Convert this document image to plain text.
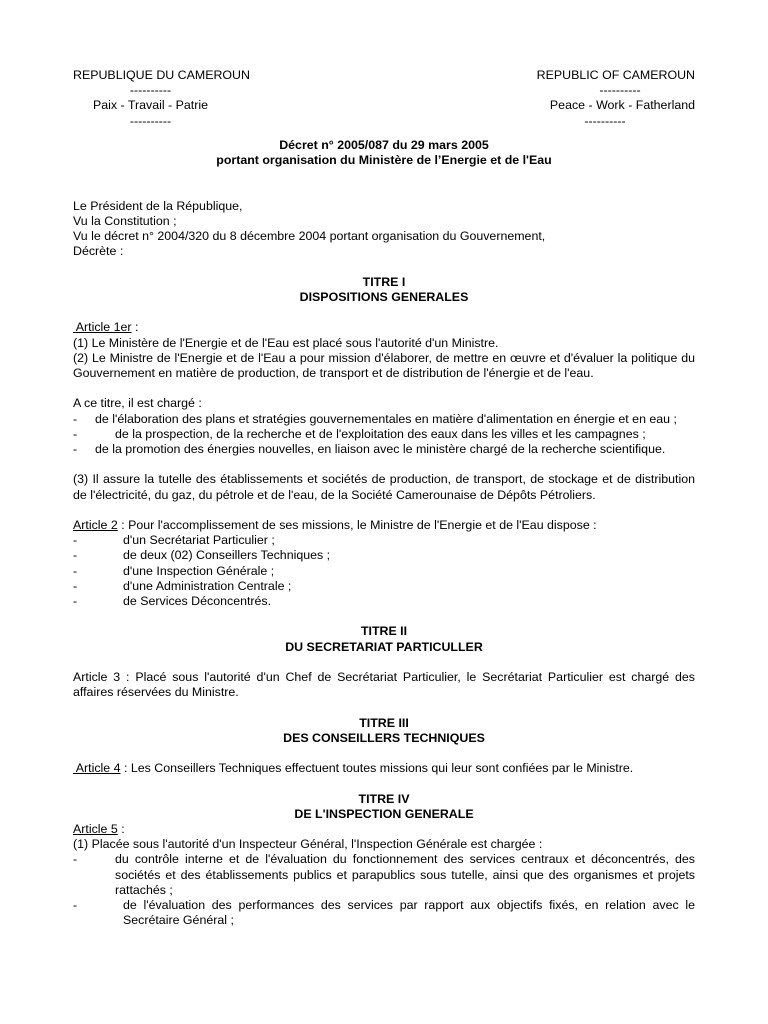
REPUBLIQUE DU CAMEROUN
----------
Paix - Travail - Patrie
----------
REPUBLIC OF CAMEROUN
----------
Peace - Work - Fatherland
----------
Décret n° 2005/087 du 29 mars 2005
portant organisation du Ministère de l’Energie et de l'Eau

Le Président de la République,

Vu la Constitution ;

Vu le décret n° 2004/320 du 8 décembre 2004 portant organisation du Gouvernement,

Décrète :

TITRE I
DISPOSITIONS GENERALES

Article 1er :

(1) Le Ministère de l'Energie et de l'Eau est placé sous l'autorité d'un Ministre.

(2) Le Ministre de l'Energie et de l'Eau a pour mission d'élaborer, de mettre en œuvre et d'évaluer la politique du Gouvernement en matière de production, de transport et de distribution de l'énergie et de l'eau.

A ce titre, il est chargé :

-	de l'élaboration des plans et stratégies gouvernementales en matière d'alimentation en énergie et en eau ;
-	de la prospection, de la recherche et de l'exploitation des eaux dans les villes et les campagnes ;
-	de la promotion des énergies nouvelles, en liaison avec le ministère chargé de la recherche scientifique.

(3) Il assure la tutelle des établissements et sociétés de production, de transport, de stockage et de distribution de l'électricité, du gaz, du pétrole et de l'eau, de la Société Camerounaise de Dépôts Pétroliers.

Article 2 : Pour l'accomplissement de ses missions, le Ministre de l'Energie et de l'Eau dispose :

-	d'un Secrétariat Particulier ;
-	de deux (02) Conseillers Techniques ;
-	d'une Inspection Générale ;
-	d'une Administration Centrale ;
-	de Services Déconcentrés.
TITRE II
DU SECRETARIAT PARTICULLER

Article 3 : Placé sous l'autorité d'un Chef de Secrétariat Particulier, le Secrétariat Particulier est chargé des affaires réservées du Ministre.

TITRE III
DES CONSEILLERS TECHNIQUES

Article 4 : Les Conseillers Techniques effectuent toutes missions qui leur sont confiées par le Ministre.

TITRE IV
DE L'INSPECTION GENERALE

Article 5 :

(1) Placée sous l'autorité d'un Inspecteur Général, l'Inspection Générale est chargée :

-	du contrôle interne et de l'évaluation du fonctionnement des services centraux et déconcentrés, des sociétés et des établissements publics et parapublics sous tutelle, ainsi que des organismes et projets rattachés ;
-	de l'évaluation des performances des services par rapport aux objectifs fixés, en relation avec le Secrétaire Général ;
